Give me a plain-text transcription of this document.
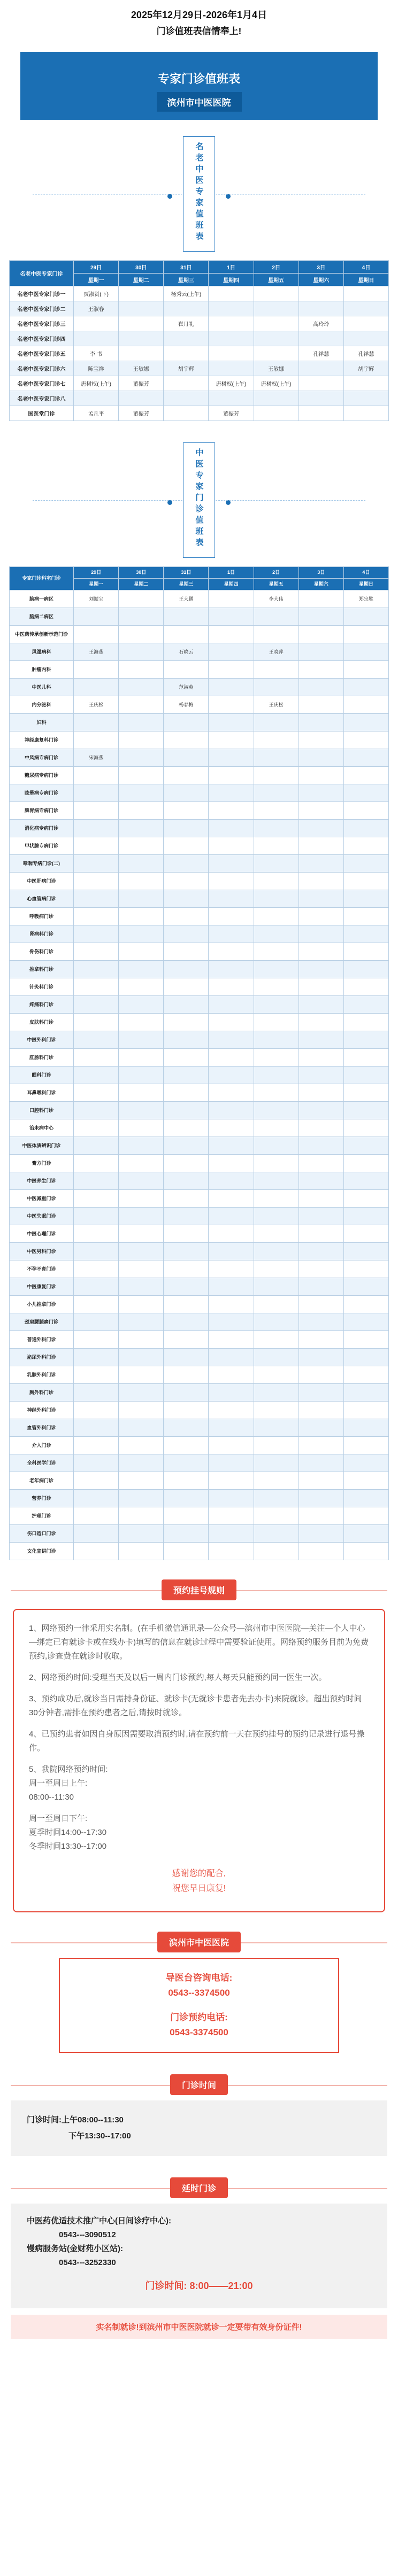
2025年12月29日-2026年1月4日
门诊值班表信情奉上!
专家门诊值班表
滨州市中医医院
名老中医专家值班表
名老中医专家门诊	29日	30日	31日	1日	2日	3日	4日
	星期一	星期二	星期三	星期四	星期五	星期六	星期日
名老中医专家门诊一	贾淑贤(下)		杨秀云(上午)				
名老中医专家门诊二	王淑春						
名老中医专家门诊三			崔月礼			高玲玲	
名老中医专家门诊四							
名老中医专家门诊五	李 书					孔祥慧	孔祥慧
名老中医专家门诊六	陈宝祥	王敏娜	胡宇辉		王敏娜		胡宇辉
名老中医专家门诊七	唐树权(上午)	董振芳		唐树权(上午)	唐树权(上午)		
名老中医专家门诊八							
国医堂门诊	孟凡平	董振芳		董振芳			
中医专家门诊值班表
专家门诊科室门诊	29日	30日	31日	1日	2日	3日	4日
	星期一	星期二	星期三	星期四	星期五	星期六	星期日
脑病一病区	刘振宝		王大鹏		李大伟		郑宗胜
脑病二病区							
中医药传承创新示范门诊							
风湿病科	王海燕		石晓云		王晓萍		
肿瘤内科							
中医儿科			范淑英				
内分泌科	王庆松		杨春梅		王庆松		
妇科							
神经康复科门诊							
中风病专病门诊	宋海燕						
糖尿病专病门诊							
眩晕病专病门诊							
脾胃病专病门诊							
消化病专病门诊							
甲状腺专病门诊							
哮喘专病门诊(二)							
中医肝病门诊							
心血管病门诊							
呼吸病门诊							
肾病科门诊							
骨伤科门诊							
推拿科门诊							
针灸科门诊							
疼痛科门诊							
皮肤科门诊							
中医外科门诊							
肛肠科门诊							
眼科门诊							
耳鼻喉科门诊							
口腔科门诊							
治未病中心							
中医体质辨识门诊							
膏方门诊							
中医养生门诊							
中医减重门诊							
中医失眠门诊							
中医心理门诊							
中医男科门诊							
不孕不育门诊							
中医康复门诊							
小儿推拿门诊							
颈肩腰腿痛门诊							
普通外科门诊							
泌尿外科门诊							
乳腺外科门诊							
胸外科门诊							
神经外科门诊							
血管外科门诊							
介入门诊							
全科医学门诊							
老年病门诊							
营养门诊							
护理门诊							
伤口造口门诊							
文化宣讲门诊							
预约挂号规则

1、网络预约一律采用实名制。(在手机微信通讯录—公众号—滨州市中医医院—关注—个人中心—绑定已有就诊卡或在线办卡)填写的信息在就诊过程中需要验证使用。网络预约服务目前为免费预约,诊查费在就诊时收取。

2、网络预约时间:受理当天及以后一周内门诊预约,每人每天只能预约同一医生一次。

3、预约成功后,就诊当日需持身份证、就诊卡(无就诊卡患者先去办卡)来院就诊。超出预约时间30分钟者,需排在预约患者之后,请按时就诊。

4、已预约患者如因自身原因需要取消预约时,请在预约前一天在预约挂号的预约记录进行退号操作。

5、我院网络预约时间:

周一至周日上午:

08:00--11:30

周一至周日下午:

夏季时间14:00--17:30

冬季时间13:30--17:00

感谢您的配合,
祝您早日康复!
滨州市中医医院
导医台咨询电话:
0543--3374500
门诊预约电话:
0543-3374500
门诊时间
门诊时间:上午08:00--11:30
下午13:30--17:00
延时门诊
中医药优适技术推广中心(日间诊疗中心):
0543---3090512
慢病服务站(金财苑小区站):
0543---3252330
门诊时间: 8:00——21:00
实名制就诊!到滨州市中医医院就诊一定要带有效身份证件!
